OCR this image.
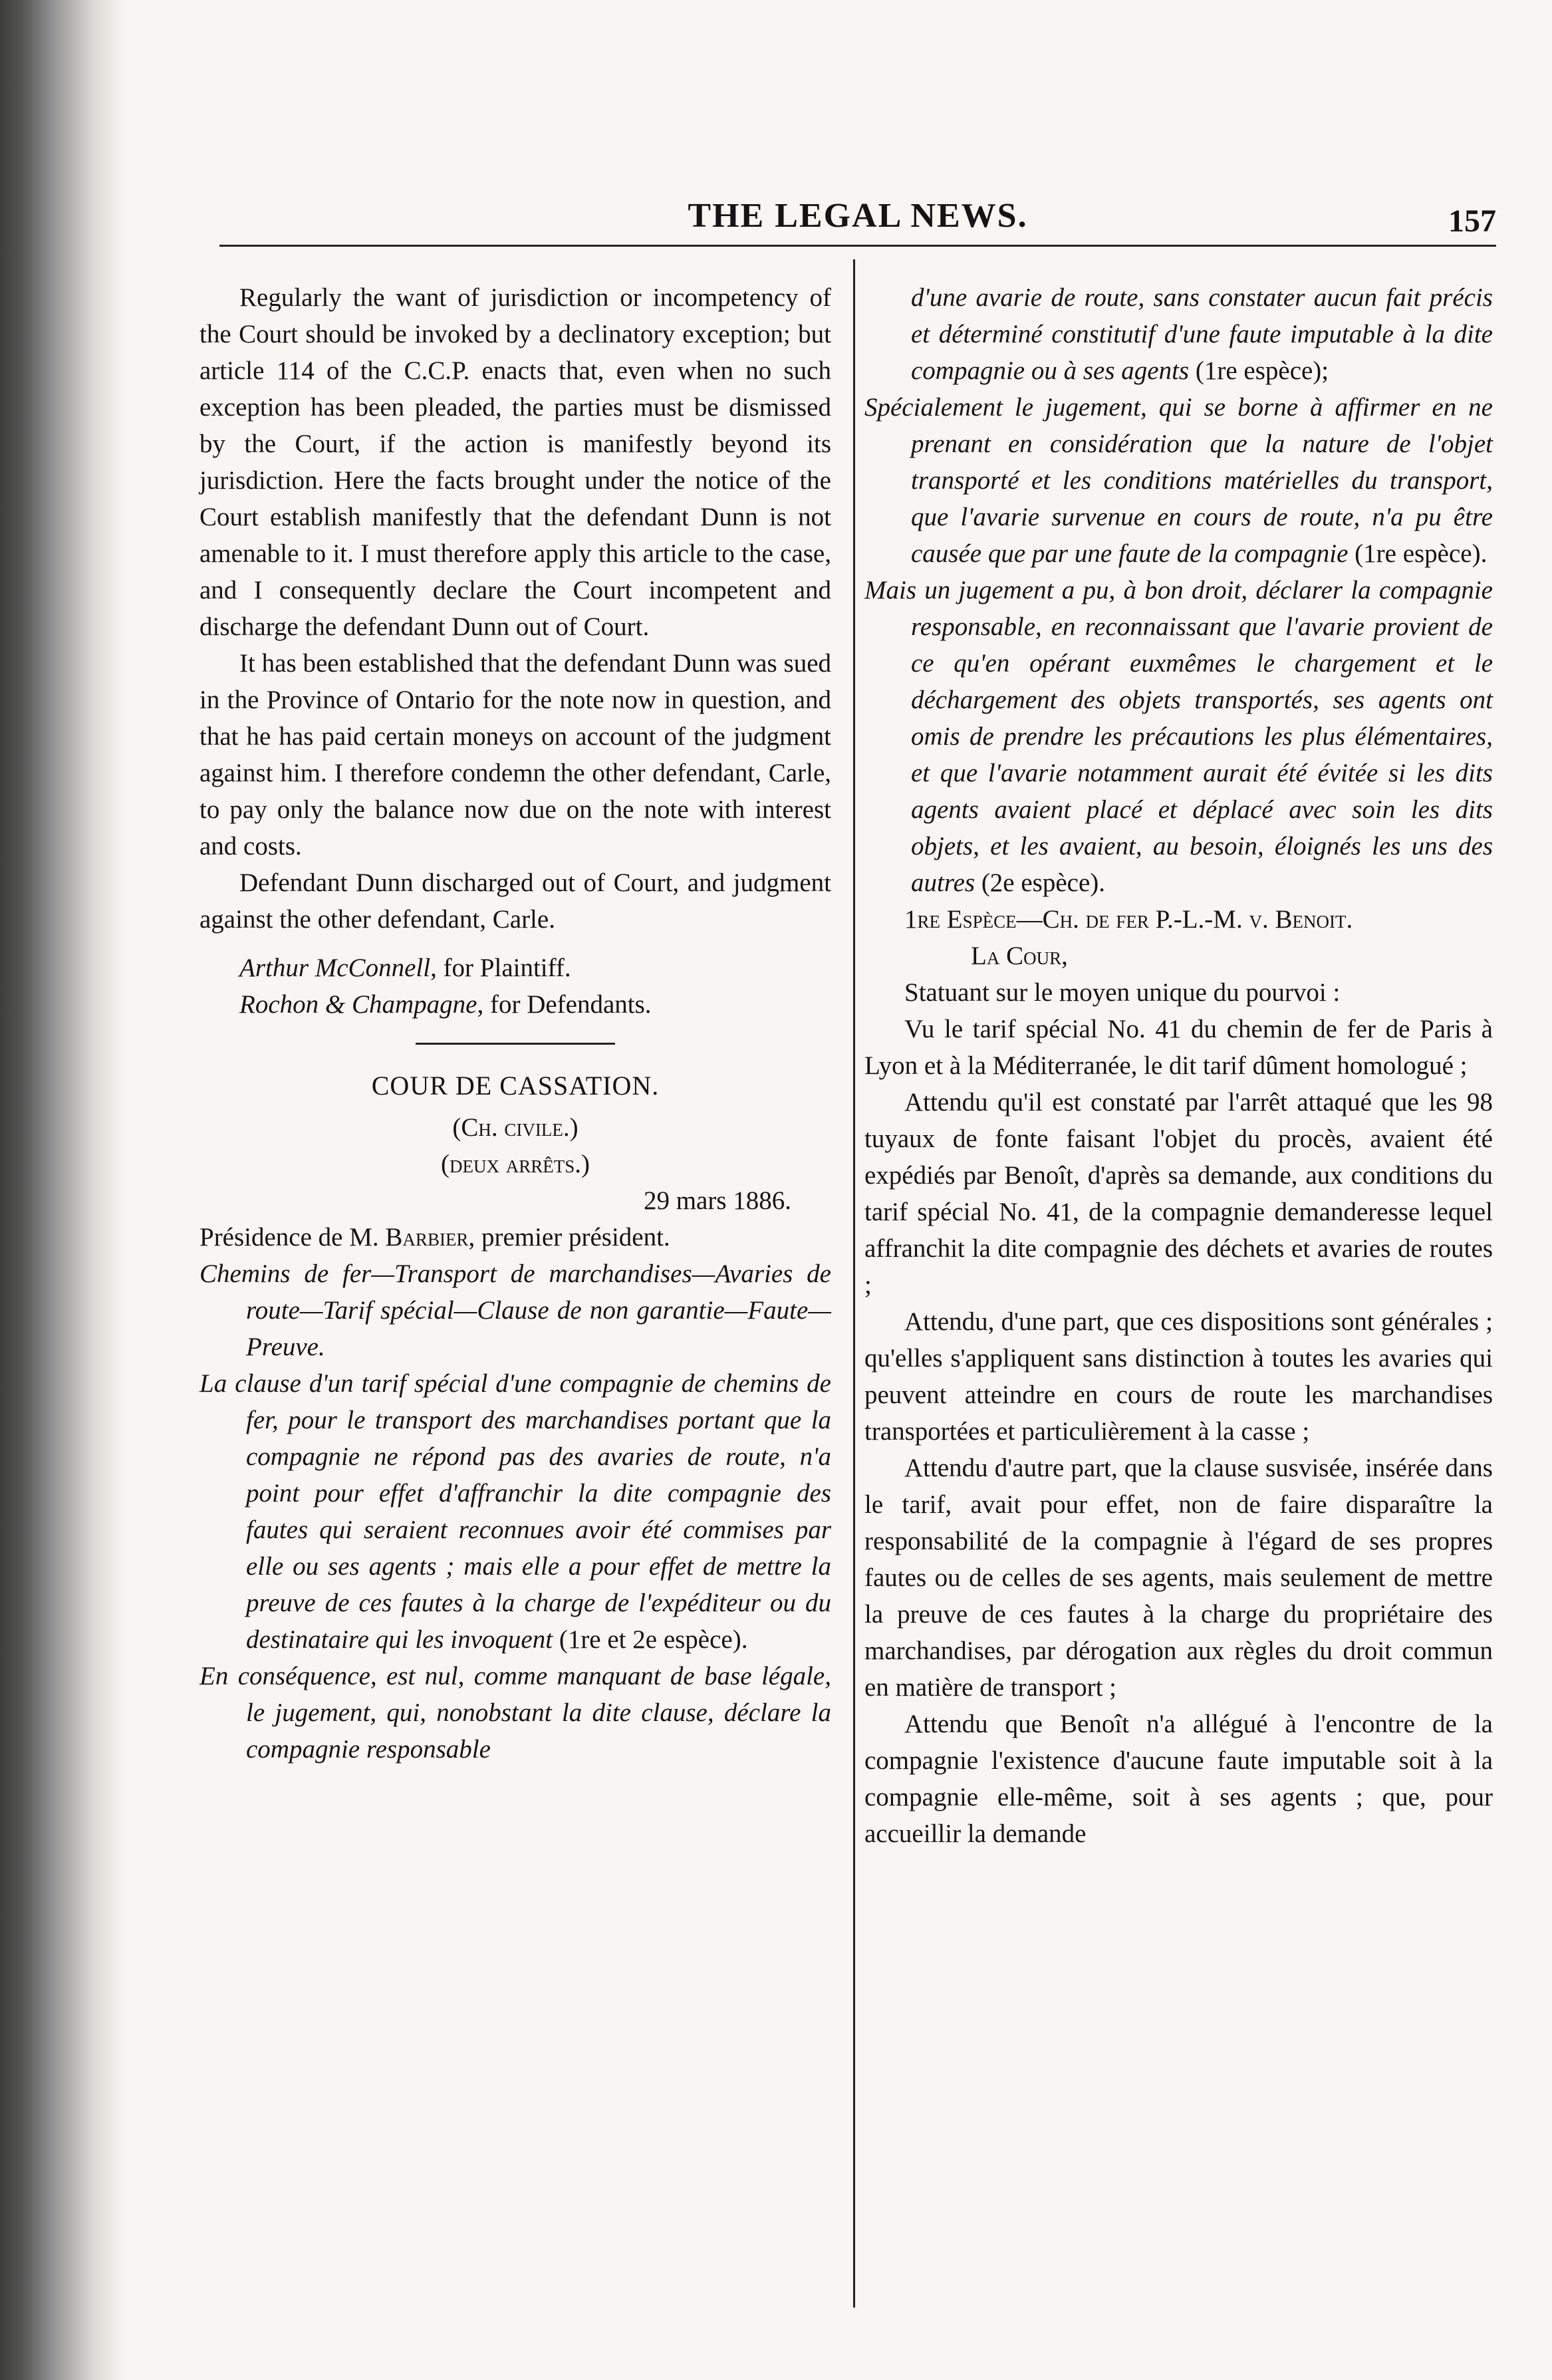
THE LEGAL NEWS.	157

Regularly the want of jurisdiction or incompetency of the Court should be invoked by a declinatory exception; but article 114 of the C.C.P. enacts that, even when no such exception has been pleaded, the parties must be dismissed by the Court, if the action is manifestly beyond its jurisdiction. Here the facts brought under the notice of the Court establish manifestly that the defendant Dunn is not amenable to it. I must therefore apply this article to the case, and I consequently declare the Court incompetent and discharge the defendant Dunn out of Court.

It has been established that the defendant Dunn was sued in the Province of Ontario for the note now in question, and that he has paid certain moneys on account of the judgment against him. I therefore condemn the other defendant, Carle, to pay only the balance now due on the note with interest and costs.

Defendant Dunn discharged out of Court, and judgment against the other defendant, Carle.

Arthur McConnell, for Plaintiff.

Rochon & Champagne, for Defendants.

COUR DE CASSATION.

(Ch. civile.)

(deux arrêts.)

29 mars 1886.

Présidence de M. Barbier, premier président.

Chemins de fer—Transport de marchandises—Avaries de route—Tarif spécial—Clause de non garantie—Faute—Preuve.

La clause d'un tarif spécial d'une compagnie de chemins de fer, pour le transport des marchandises portant que la compagnie ne répond pas des avaries de route, n'a point pour effet d'affranchir la dite compagnie des fautes qui seraient reconnues avoir été commises par elle ou ses agents ; mais elle a pour effet de mettre la preuve de ces fautes à la charge de l'expéditeur ou du destinataire qui les invoquent (1re et 2e espèce).

En conséquence, est nul, comme manquant de base légale, le jugement, qui, nonobstant la dite clause, déclare la compagnie responsable

d'une avarie de route, sans constater aucun fait précis et déterminé constitutif d'une faute imputable à la dite compagnie ou à ses agents (1re espèce);

Spécialement le jugement, qui se borne à affirmer en ne prenant en considération que la nature de l'objet transporté et les conditions matérielles du transport, que l'avarie survenue en cours de route, n'a pu être causée que par une faute de la compagnie (1re espèce).

Mais un jugement a pu, à bon droit, déclarer la compagnie responsable, en reconnaissant que l'avarie provient de ce qu'en opérant euxmêmes le chargement et le déchargement des objets transportés, ses agents ont omis de prendre les précautions les plus élémentaires, et que l'avarie notamment aurait été évitée si les dits agents avaient placé et déplacé avec soin les dits objets, et les avaient, au besoin, éloignés les uns des autres (2e espèce).

1re Espèce—Ch. de fer P.-L.-M. v. Benoit.

La Cour,

Statuant sur le moyen unique du pourvoi :

Vu le tarif spécial No. 41 du chemin de fer de Paris à Lyon et à la Méditerranée, le dit tarif dûment homologué ;

Attendu qu'il est constaté par l'arrêt attaqué que les 98 tuyaux de fonte faisant l'objet du procès, avaient été expédiés par Benoît, d'après sa demande, aux conditions du tarif spécial No. 41, de la compagnie demanderesse lequel affranchit la dite compagnie des déchets et avaries de routes ;

Attendu, d'une part, que ces dispositions sont générales ; qu'elles s'appliquent sans distinction à toutes les avaries qui peuvent atteindre en cours de route les marchandises transportées et particulièrement à la casse ;

Attendu d'autre part, que la clause susvisée, insérée dans le tarif, avait pour effet, non de faire disparaître la responsabilité de la compagnie à l'égard de ses propres fautes ou de celles de ses agents, mais seulement de mettre la preuve de ces fautes à la charge du propriétaire des marchandises, par dérogation aux règles du droit commun en matière de transport ;

Attendu que Benoît n'a allégué à l'encontre de la compagnie l'existence d'aucune faute imputable soit à la compagnie elle-même, soit à ses agents ; que, pour accueillir la demande
